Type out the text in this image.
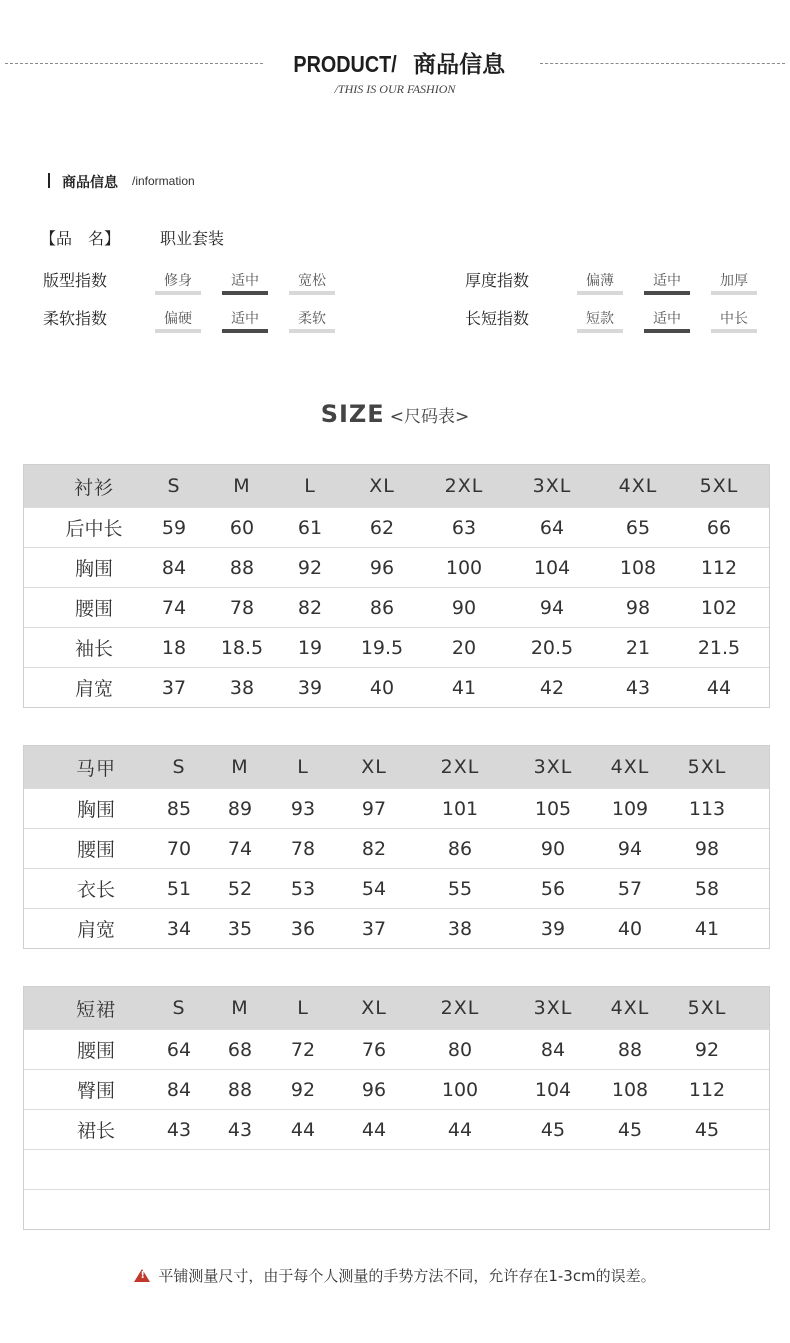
PRODUCT/ 商品信息
/THIS IS OUR FASHION
商品信息 /information
【品　名】 职业套装
版型指数	修身	适中	宽松	厚度指数	偏薄	适中	加厚
柔软指数	偏硬	适中	柔软	长短指数	短款	适中	中长
SIZE <尺码表>
衬衫	S	M	L	XL	2XL	3XL 4XL 5XL
后中长 59 60 61	62	63	64	65	66
胸围	84 88 92	96	100	104	108 112
腰围	74 78 82	86	90	94	98	102
袖长	18 18.5 19 19.5	20	20.5	21	21.5
肩宽	37 38 39	40	41	42	43	44
马甲	S M	L	XL	2XL	3XL 4XL 5XL
胸围	85 89 93 97	101	105 109 113
腰围	70 74 78 82	86	90	94	98
衣长	51 52 53 54	55	56	57	58
肩宽	34 35 36 37	38	39	40	41
短裙	S M	L	XL	2XL	3XL 4XL 5XL
腰围	64 68 72 76	80	84	88	92
臀围	84 88 92 96	100	104 108 112
裙长	43 43 44 44	44	45	45	45
!平铺测量尺寸，由于每个人测量的手势方法不同，允许存在1-3cm的误差。
